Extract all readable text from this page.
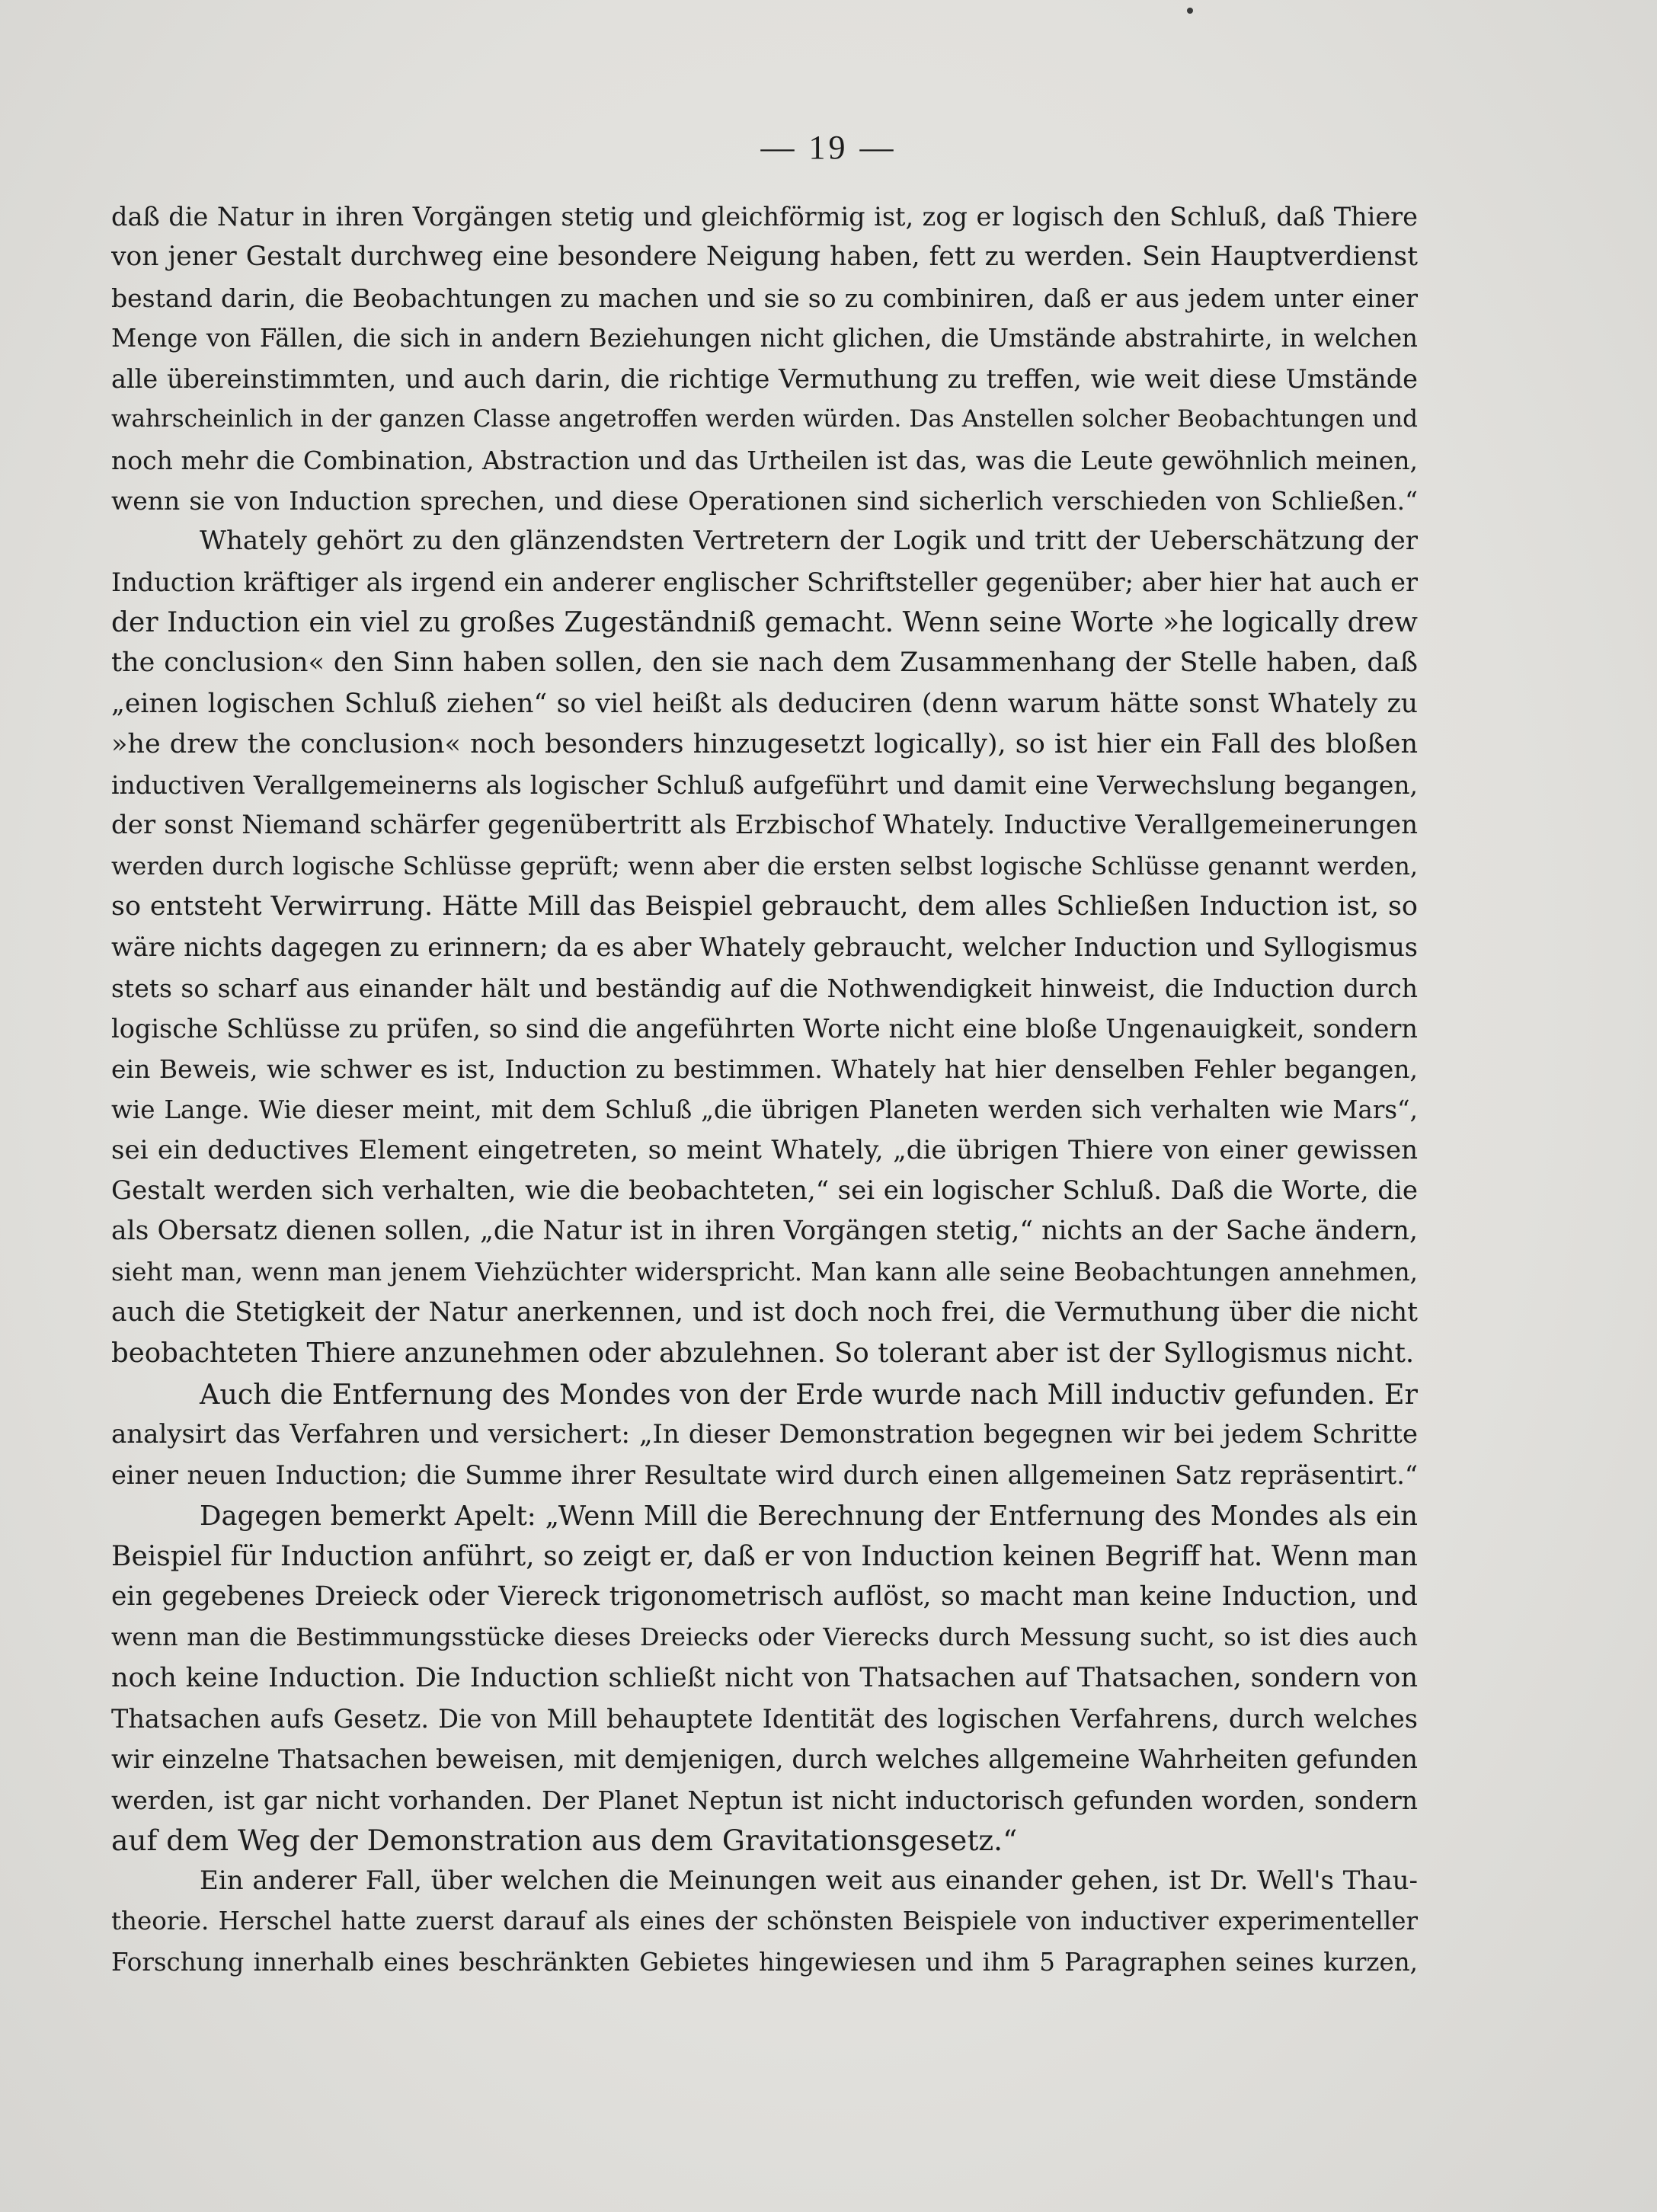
— 19 —
daß die Natur in ihren Vorgängen stetig und gleichförmig ist, zog er logisch den Schluß, daß Thiere
von jener Gestalt durchweg eine besondere Neigung haben, fett zu werden. Sein Hauptverdienst
bestand darin, die Beobachtungen zu machen und sie so zu combiniren, daß er aus jedem unter einer
Menge von Fällen, die sich in andern Beziehungen nicht glichen, die Umstände abstrahirte, in welchen
alle übereinstimmten, und auch darin, die richtige Vermuthung zu treffen, wie weit diese Umstände
wahrscheinlich in der ganzen Classe angetroffen werden würden. Das Anstellen solcher Beobachtungen und
noch mehr die Combination, Abstraction und das Urtheilen ist das, was die Leute gewöhnlich meinen,
wenn sie von Induction sprechen, und diese Operationen sind sicherlich verschieden von Schließen.“
Whately gehört zu den glänzendsten Vertretern der Logik und tritt der Ueberschätzung der
Induction kräftiger als irgend ein anderer englischer Schriftsteller gegenüber; aber hier hat auch er
der Induction ein viel zu großes Zugeständniß gemacht. Wenn seine Worte »he logically drew
the conclusion« den Sinn haben sollen, den sie nach dem Zusammenhang der Stelle haben, daß
„einen logischen Schluß ziehen“ so viel heißt als deduciren (denn warum hätte sonst Whately zu
»he drew the conclusion« noch besonders hinzugesetzt logically), so ist hier ein Fall des bloßen
inductiven Verallgemeinerns als logischer Schluß aufgeführt und damit eine Verwechslung begangen,
der sonst Niemand schärfer gegenübertritt als Erzbischof Whately. Inductive Verallgemeinerungen
werden durch logische Schlüsse geprüft; wenn aber die ersten selbst logische Schlüsse genannt werden,
so entsteht Verwirrung. Hätte Mill das Beispiel gebraucht, dem alles Schließen Induction ist, so
wäre nichts dagegen zu erinnern; da es aber Whately gebraucht, welcher Induction und Syllogismus
stets so scharf aus einander hält und beständig auf die Nothwendigkeit hinweist, die Induction durch
logische Schlüsse zu prüfen, so sind die angeführten Worte nicht eine bloße Ungenauigkeit, sondern
ein Beweis, wie schwer es ist, Induction zu bestimmen. Whately hat hier denselben Fehler begangen,
wie Lange. Wie dieser meint, mit dem Schluß „die übrigen Planeten werden sich verhalten wie Mars“,
sei ein deductives Element eingetreten, so meint Whately, „die übrigen Thiere von einer gewissen
Gestalt werden sich verhalten, wie die beobachteten,“ sei ein logischer Schluß. Daß die Worte, die
als Obersatz dienen sollen, „die Natur ist in ihren Vorgängen stetig,“ nichts an der Sache ändern,
sieht man, wenn man jenem Viehzüchter widerspricht. Man kann alle seine Beobachtungen annehmen,
auch die Stetigkeit der Natur anerkennen, und ist doch noch frei, die Vermuthung über die nicht
beobachteten Thiere anzunehmen oder abzulehnen. So tolerant aber ist der Syllogismus nicht.
Auch die Entfernung des Mondes von der Erde wurde nach Mill inductiv gefunden. Er
analysirt das Verfahren und versichert: „In dieser Demonstration begegnen wir bei jedem Schritte
einer neuen Induction; die Summe ihrer Resultate wird durch einen allgemeinen Satz repräsentirt.“
Dagegen bemerkt Apelt: „Wenn Mill die Berechnung der Entfernung des Mondes als ein
Beispiel für Induction anführt, so zeigt er, daß er von Induction keinen Begriff hat. Wenn man
ein gegebenes Dreieck oder Viereck trigonometrisch auflöst, so macht man keine Induction, und
wenn man die Bestimmungsstücke dieses Dreiecks oder Vierecks durch Messung sucht, so ist dies auch
noch keine Induction. Die Induction schließt nicht von Thatsachen auf Thatsachen, sondern von
Thatsachen aufs Gesetz. Die von Mill behauptete Identität des logischen Verfahrens, durch welches
wir einzelne Thatsachen beweisen, mit demjenigen, durch welches allgemeine Wahrheiten gefunden
werden, ist gar nicht vorhanden. Der Planet Neptun ist nicht inductorisch gefunden worden, sondern
auf dem Weg der Demonstration aus dem Gravitationsgesetz.“
Ein anderer Fall, über welchen die Meinungen weit aus einander gehen, ist Dr. Well's Thau-
theorie. Herschel hatte zuerst darauf als eines der schönsten Beispiele von inductiver experimenteller
Forschung innerhalb eines beschränkten Gebietes hingewiesen und ihm 5 Paragraphen seines kurzen,
